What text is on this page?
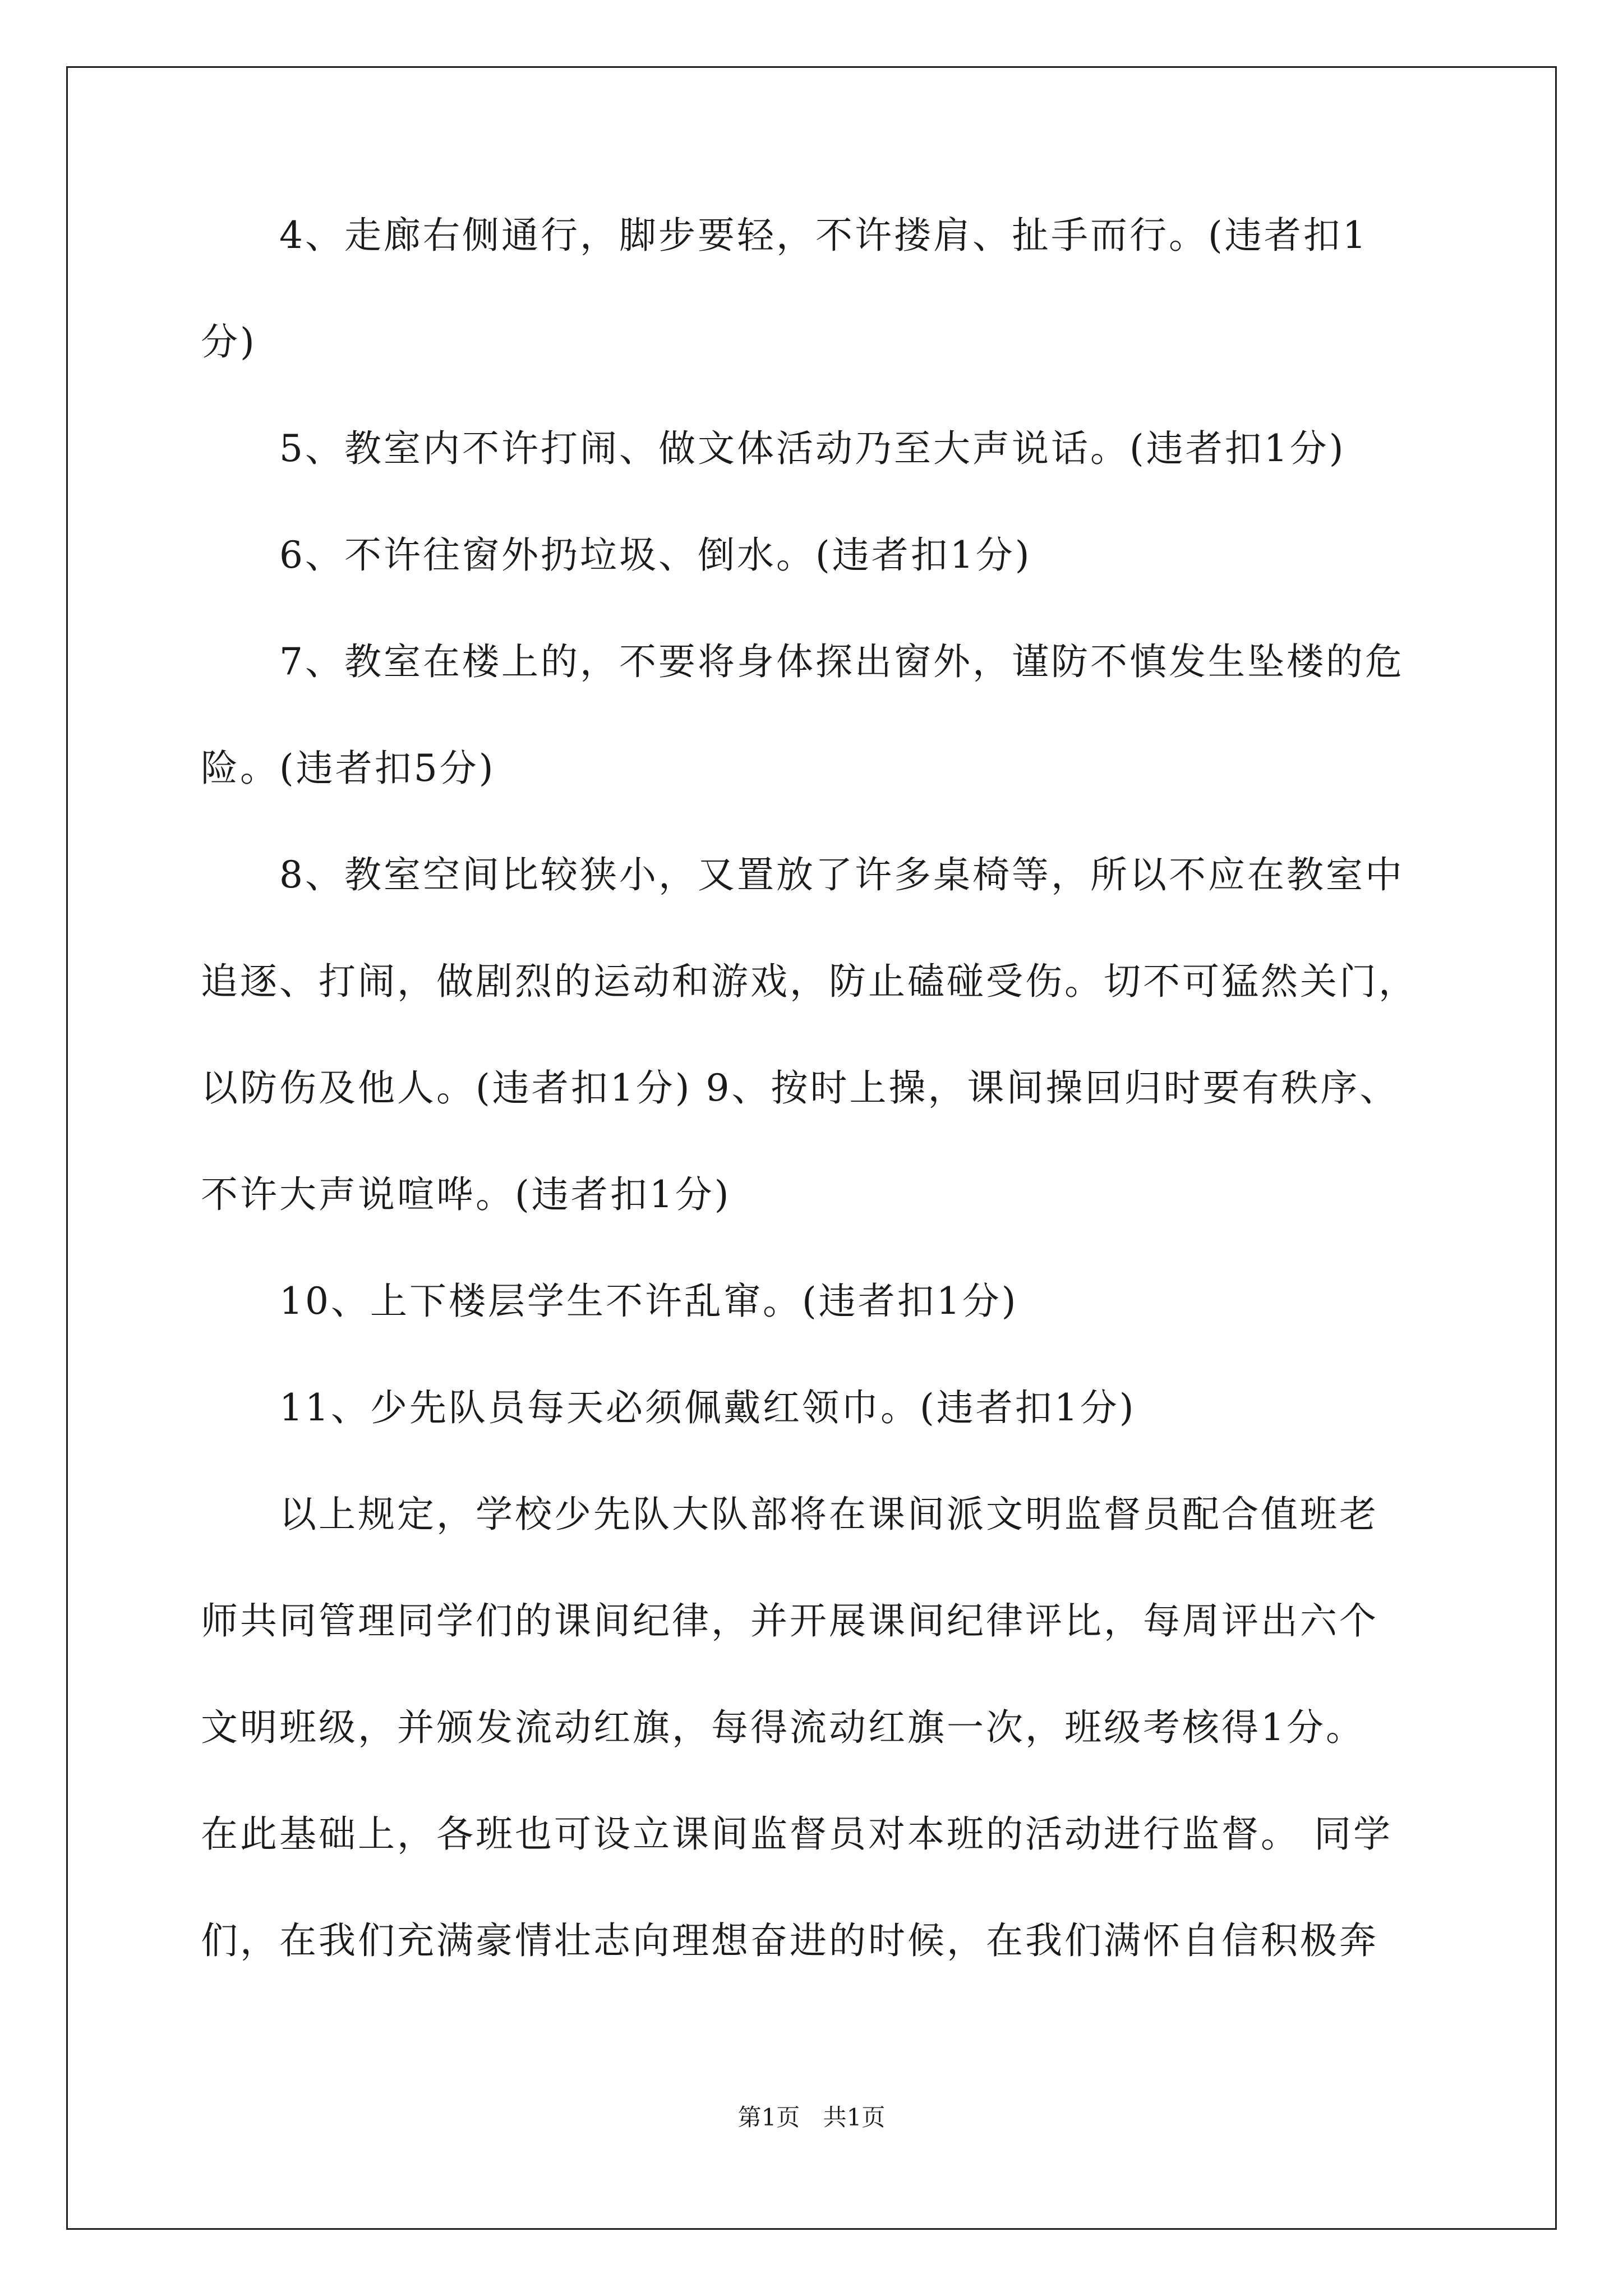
4、走廊右侧通行，脚步要轻，不许搂肩、扯手而行。(违者扣1
分)
5、教室内不许打闹、做文体活动乃至大声说话。(违者扣1分)
6、不许往窗外扔垃圾、倒水。(违者扣1分)
7、教室在楼上的，不要将身体探出窗外，谨防不慎发生坠楼的危
险。(违者扣5分)
8、教室空间比较狭小，又置放了许多桌椅等，所以不应在教室中
追逐、打闹，做剧烈的运动和游戏，防止磕碰受伤。切不可猛然关门，
以防伤及他人。(违者扣1分) 9、按时上操，课间操回归时要有秩序、
不许大声说喧哗。(违者扣1分)
10、上下楼层学生不许乱窜。(违者扣1分)
11、少先队员每天必须佩戴红领巾。(违者扣1分)
以上规定，学校少先队大队部将在课间派文明监督员配合值班老
师共同管理同学们的课间纪律，并开展课间纪律评比，每周评出六个
文明班级，并颁发流动红旗，每得流动红旗一次，班级考核得1分。
在此基础上，各班也可设立课间监督员对本班的活动进行监督。 同学
们，在我们充满豪情壮志向理想奋进的时候，在我们满怀自信积极奔
第1页 共1页
